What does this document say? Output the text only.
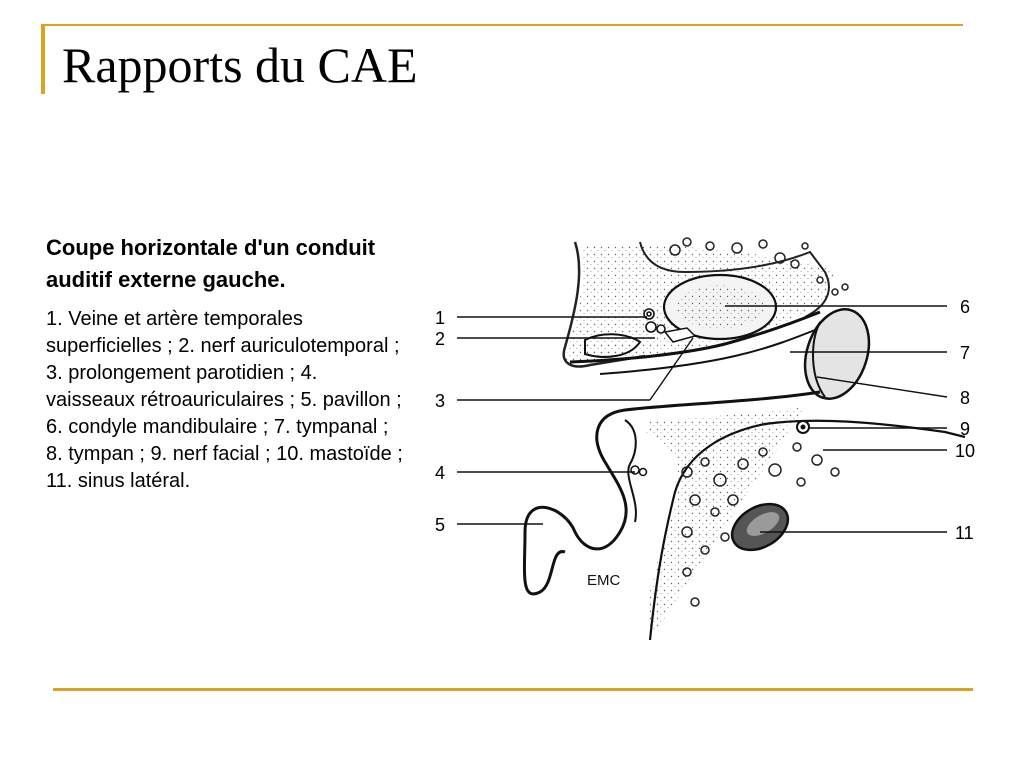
Rapports du CAE

Coupe horizontale d'un conduit auditif externe gauche.

1. Veine et artère temporales superficielles ; 2. nerf auriculotemporal ; 3. prolongement parotidien ; 4. vaisseaux rétroauriculaires ; 5. pavillon ; 6. condyle mandibulaire ; 7. tympanal ; 8. tympan ; 9. nerf facial ; 10. mastoïde ; 11. sinus latéral.

1
2
3
4
5
6
7
8
9
10
11
EMC
